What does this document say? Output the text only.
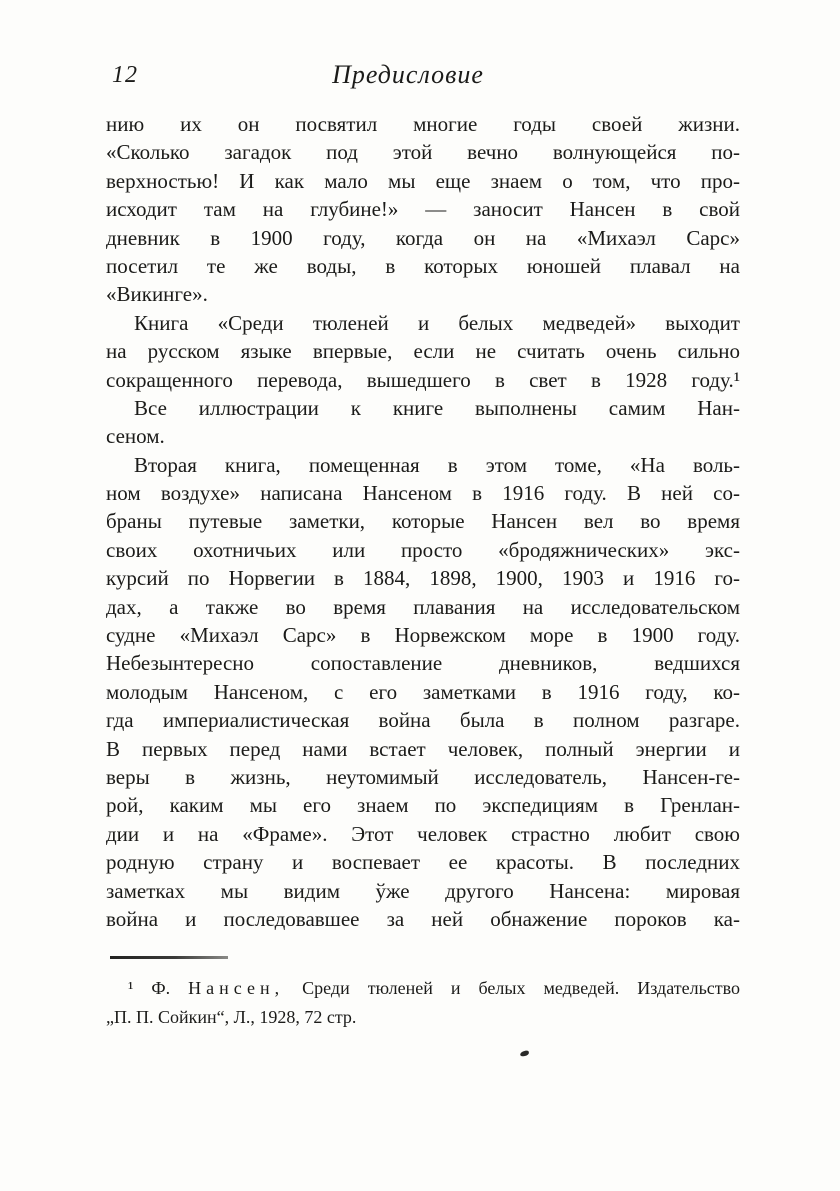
12	Предисловие
нию их он посвятил многие годы своей жизни.
«Сколько загадок под этой вечно волнующейся по-
верхностью! И как мало мы еще знаем о том, что про-
исходит там на глубине!» — заносит Нансен в свой
дневник в 1900 году, когда он на «Михаэл Сарс»
посетил те же воды, в которых юношей плавал на
«Викинге».
Книга «Среди тюленей и белых медведей» выходит
на русском языке впервые, если не считать очень сильно
сокращенного перевода, вышедшего в свет в 1928 году.¹
Все иллюстрации к книге выполнены самим Нан-
сеном.
Вторая книга, помещенная в этом томе, «На воль-
ном воздухе» написана Нансеном в 1916 году. В ней со-
браны путевые заметки, которые Нансен вел во время
своих охотничьих или просто «бродяжнических» экс-
курсий по Норвегии в 1884, 1898, 1900, 1903 и 1916 го-
дах, а также во время плавания на исследовательском
судне «Михаэл Сарс» в Норвежском море в 1900 году.
Небезынтересно сопоставление дневников, ведшихся
молодым Нансеном, с его заметками в 1916 году, ко-
гда империалистическая война была в полном разгаре.
В первых перед нами встает человек, полный энергии и
веры в жизнь, неутомимый исследователь, Нансен-ге-
рой, каким мы его знаем по экспедициям в Гренлан-
дии и на «Фраме». Этот человек страстно любит свою
родную страну и воспевает ее красоты. В последних
заметках мы видим ўже другого Нансена: мировая
война и последовавшее за ней обнажение пороков ка-
¹ Ф. Нансен, Среди тюленей и белых медведей. Издательство
„П. П. Сойкин“, Л., 1928, 72 стр.
